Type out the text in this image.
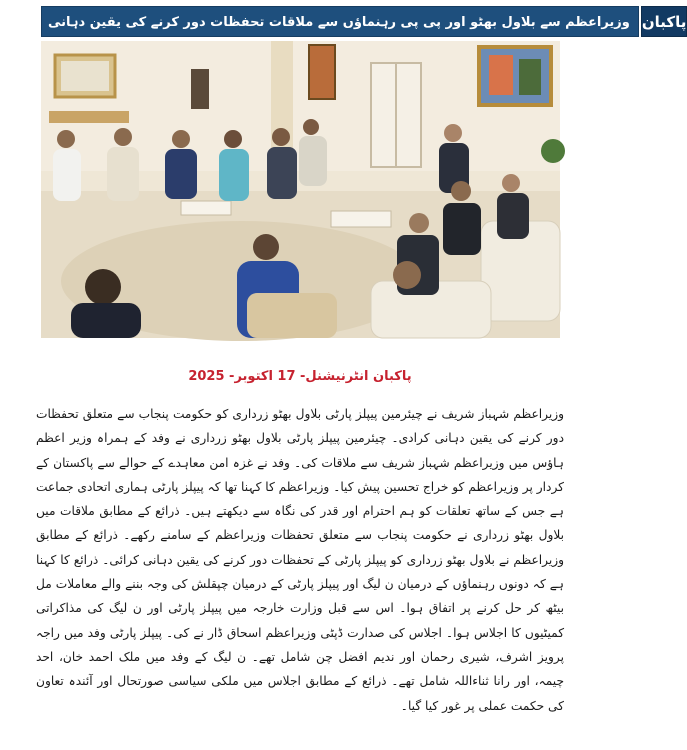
وزیراعظم سے بلاول بھٹو اور پی پی رہنماؤں سے ملاقات تحفظات دور کرنے کی یقین دہانی پاکبان
پاکبان انٹرنیشنل- 17 اکتوبر- 2025

وزیراعظم شہباز شریف نے چیئرمین پیپلز پارٹی بلاول بھٹو زرداری کو حکومت پنجاب سے متعلق تحفظات دور کرنے کی یقین دہانی کرادی۔ چیئرمین پیپلز پارٹی بلاول بھٹو زرداری نے وفد کے ہمراہ وزیر اعظم ہاؤس میں وزیراعظم شہباز شریف سے ملاقات کی۔ وفد نے غزہ امن معاہدے کے حوالے سے پاکستان کے کردار پر وزیراعظم کو خراج تحسین پیش کیا۔ وزیراعظم کا کہنا تھا کہ پیپلز پارٹی ہماری اتحادی جماعت ہے جس کے ساتھ تعلقات کو ہم احترام اور قدر کی نگاہ سے دیکھتے ہیں۔ ذرائع کے مطابق ملاقات میں بلاول بھٹو زرداری نے حکومت پنجاب سے متعلق تحفظات وزیراعظم کے سامنے رکھے۔ ذرائع کے مطابق وزیراعظم نے بلاول بھٹو زرداری کو پیپلز پارٹی کے تحفظات دور کرنے کی یقین دہانی کرائی۔ ذرائع کا کہنا ہے کہ دونوں رہنماؤں کے درمیان ن لیگ اور پیپلز پارٹی کے درمیان چپقلش کی وجہ بننے والے معاملات مل بیٹھ کر حل کرنے پر اتفاق ہوا۔ اس سے قبل وزارت خارجہ میں پیپلز پارٹی اور ن لیگ کی مذاکراتی کمیٹیوں کا اجلاس ہوا۔ اجلاس کی صدارت ڈپٹی وزیراعظم اسحاق ڈار نے کی۔ پیپلز پارٹی وفد میں راجہ پرویز اشرف، شیری رحمان اور ندیم افضل چن شامل تھے۔ ن لیگ کے وفد میں ملک احمد خان، احد چیمہ، اور رانا ثناءاللہ شامل تھے۔ ذرائع کے مطابق اجلاس میں ملکی سیاسی صورتحال اور آئندہ تعاون کی حکمت عملی پر غور کیا گیا۔
